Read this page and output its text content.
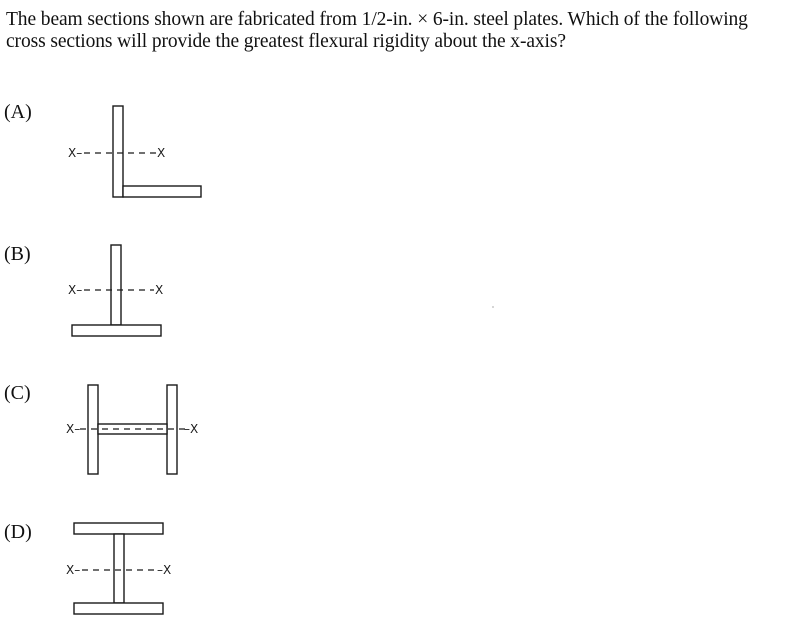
The beam sections shown are fabricated from 1/2-in. × 6-in. steel plates. Which of the following
cross sections will provide the greatest flexural rigidity about the x-axis?

(A)
(B)
(C)
(D)
X–	X
X–	X
X–	–X
X–	–X
